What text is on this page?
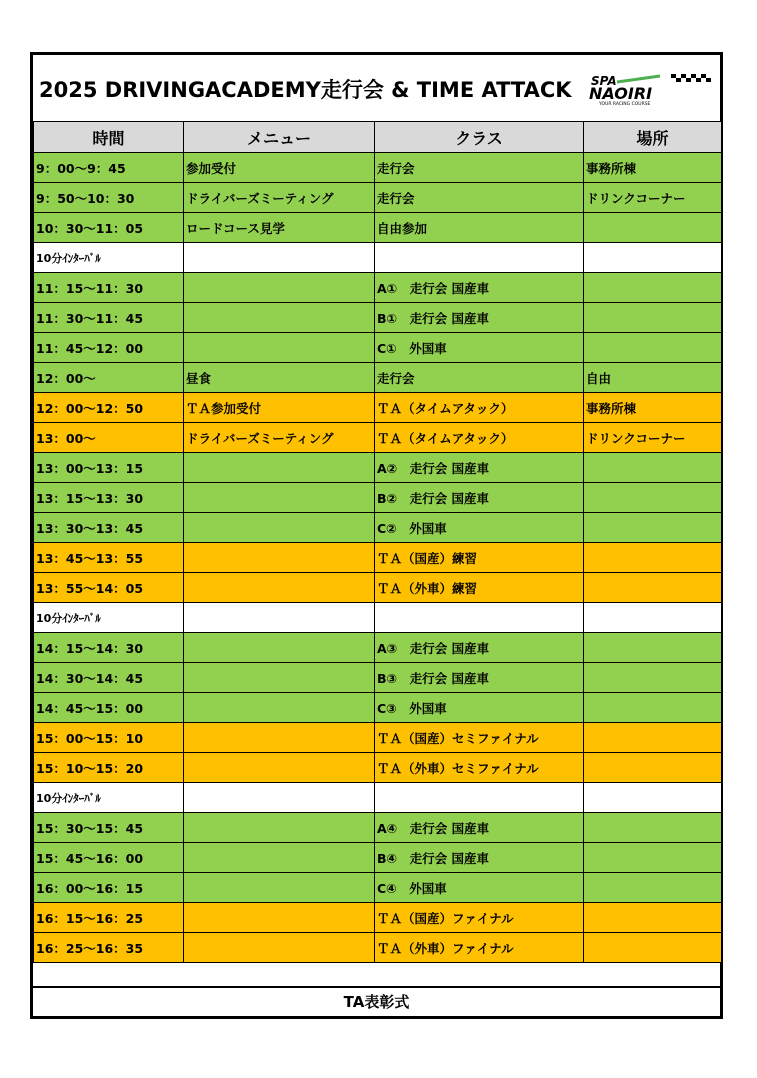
2025 DRIVINGACADEMY走行会 & TIME ATTACK SPA
NAOIRI
YOUR RACING COURSE
時間	メニュー	クラス	場所
9：00～9：45	参加受付	走行会	事務所棟
9：50～10：30	ドライバーズミーティング	走行会	ドリンクコーナー
10：30～11：05	ロードコース見学	自由参加	
10分ｲﾝﾀｰﾊﾞﾙ			
11：15～11：30		A①　走行会 国産車	
11：30～11：45		B①　走行会 国産車	
11：45～12：00		C①　外国車	
12：00～	昼食	走行会	自由
12：00～12：50	ＴＡ参加受付	ＴＡ（タイムアタック）	事務所棟
13：00～	ドライバーズミーティング	ＴＡ（タイムアタック）	ドリンクコーナー
13：00～13：15		A②　走行会 国産車	
13：15～13：30		B②　走行会 国産車	
13：30～13：45		C②　外国車	
13：45～13：55		ＴＡ（国産）練習	
13：55～14：05		ＴＡ（外車）練習	
10分ｲﾝﾀｰﾊﾞﾙ			
14：15～14：30		A③　走行会 国産車	
14：30～14：45		B③　走行会 国産車	
14：45～15：00		C③　外国車	
15：00～15：10		ＴＡ（国産）セミファイナル	
15：10～15：20		ＴＡ（外車）セミファイナル	
10分ｲﾝﾀｰﾊﾞﾙ			
15：30～15：45		A④　走行会 国産車	
15：45～16：00		B④　走行会 国産車	
16：00～16：15		C④　外国車	
16：15～16：25		ＴＡ（国産）ファイナル	
16：25～16：35		ＴＡ（外車）ファイナル	
TA表彰式
